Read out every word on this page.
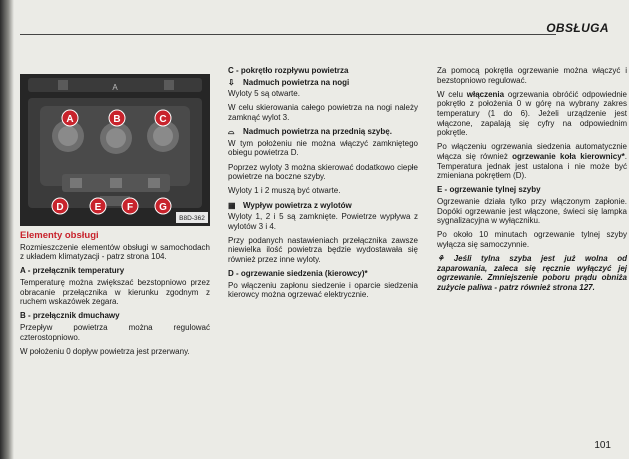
OBSŁUGA
A
A	B	C
D	E	F	G
B8D-362
Elementy obsługi

Rozmieszczenie elementów obsługi w samochodach z układem klimatyzacji - patrz strona 104.

A - przełącznik temperatury

Temperaturę można zwiększać bezstopniowo przez obracanie przełącznika w kierunku zgodnym z ruchem wskazówek zegara.

B - przełącznik dmuchawy

Przepływ powietrza można regulować czterostopniowo.

W położeniu 0 dopływ powietrza jest przerwany.

C - pokrętło rozpływu powietrza
⇩	Nadmuch powietrza na nogi

Wyloty 5 są otwarte.

W celu skierowania całego powietrza na nogi należy zamknąć wylot 3.

⌓	Nadmuch powietrza na przednią szybę.

W tym położeniu nie można włączyć zamkniętego obiegu powietrza D.

Poprzez wyloty 3 można skierować dodatkowo ciepłe powietrze na boczne szyby.

Wyloty 1 i 2 muszą być otwarte.

▦ Wypływ powietrza z wylotów

Wyloty 1, 2 i 5 są zamknięte. Powietrze wypływa z wylotów 3 i 4.

Przy podanych nastawieniach przełącznika zawsze niewielka ilość powietrza będzie wydostawała się również przez inne wyloty.

D - ogrzewanie siedzenia (kierowcy)*

Po włączeniu zapłonu siedzenie i oparcie siedzenia kierowcy można ogrzewać elektrycznie.

Za pomocą pokrętła ogrzewanie można włączyć i bezstopniowo regulować.

W celu włączenia ogrzewania obróćić odpowiednie pokrętło z położenia 0 w górę na wybrany zakres temperatury (1 do 6). Jeżeli urządzenie jest włączone, zapalają się cyfry na odpowiednim pokrętle.

Po włączeniu ogrzewania siedzenia automatycznie włącza się również ogrzewanie koła kierownicy*. Temperatura jednak jest ustalona i nie może być zmieniana pokrętłem (D).

E - ogrzewanie tylnej szyby

Ogrzewanie działa tylko przy włączonym zapłonie. Dopóki ogrzewanie jest włączone, świeci się lampka sygnalizacyjna w wyłączniku.

Po około 10 minutach ogrzewanie tylnej szyby wyłącza się samoczynnie.

⚘ Jeśli tylna szyba jest już wolna od zaparowania, zaleca się ręcznie wyłączyć jej ogrzewanie. Zmniejszenie poboru prądu obniża zużycie paliwa - patrz również strona 127.

101
